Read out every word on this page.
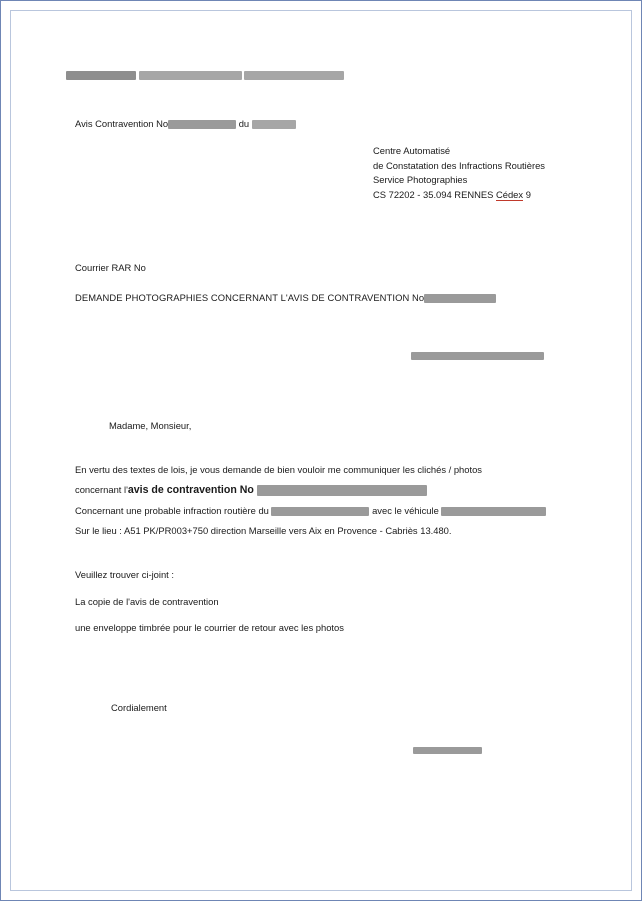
Avis Contravention No	du
Centre Automatisé
de Constatation des Infractions Routières
Service Photographies
CS 72202 - 35.094 RENNES Cédex 9
Courrier RAR No
DEMANDE PHOTOGRAPHIES CONCERNANT L'AVIS DE CONTRAVENTION No
Madame, Monsieur,

En vertu des textes de lois, je vous demande de bien vouloir me communiquer les clichés / photos

concernant l'avis de contravention No

Concernant une probable infraction routière du	avec le véhicule

Sur le lieu : A51 PK/PR003+750 direction Marseille vers Aix en Provence - Cabriès 13.480.

Veuillez trouver ci-joint :

La copie de l'avis de contravention

une enveloppe timbrée pour le courrier de retour avec les photos

Cordialement
